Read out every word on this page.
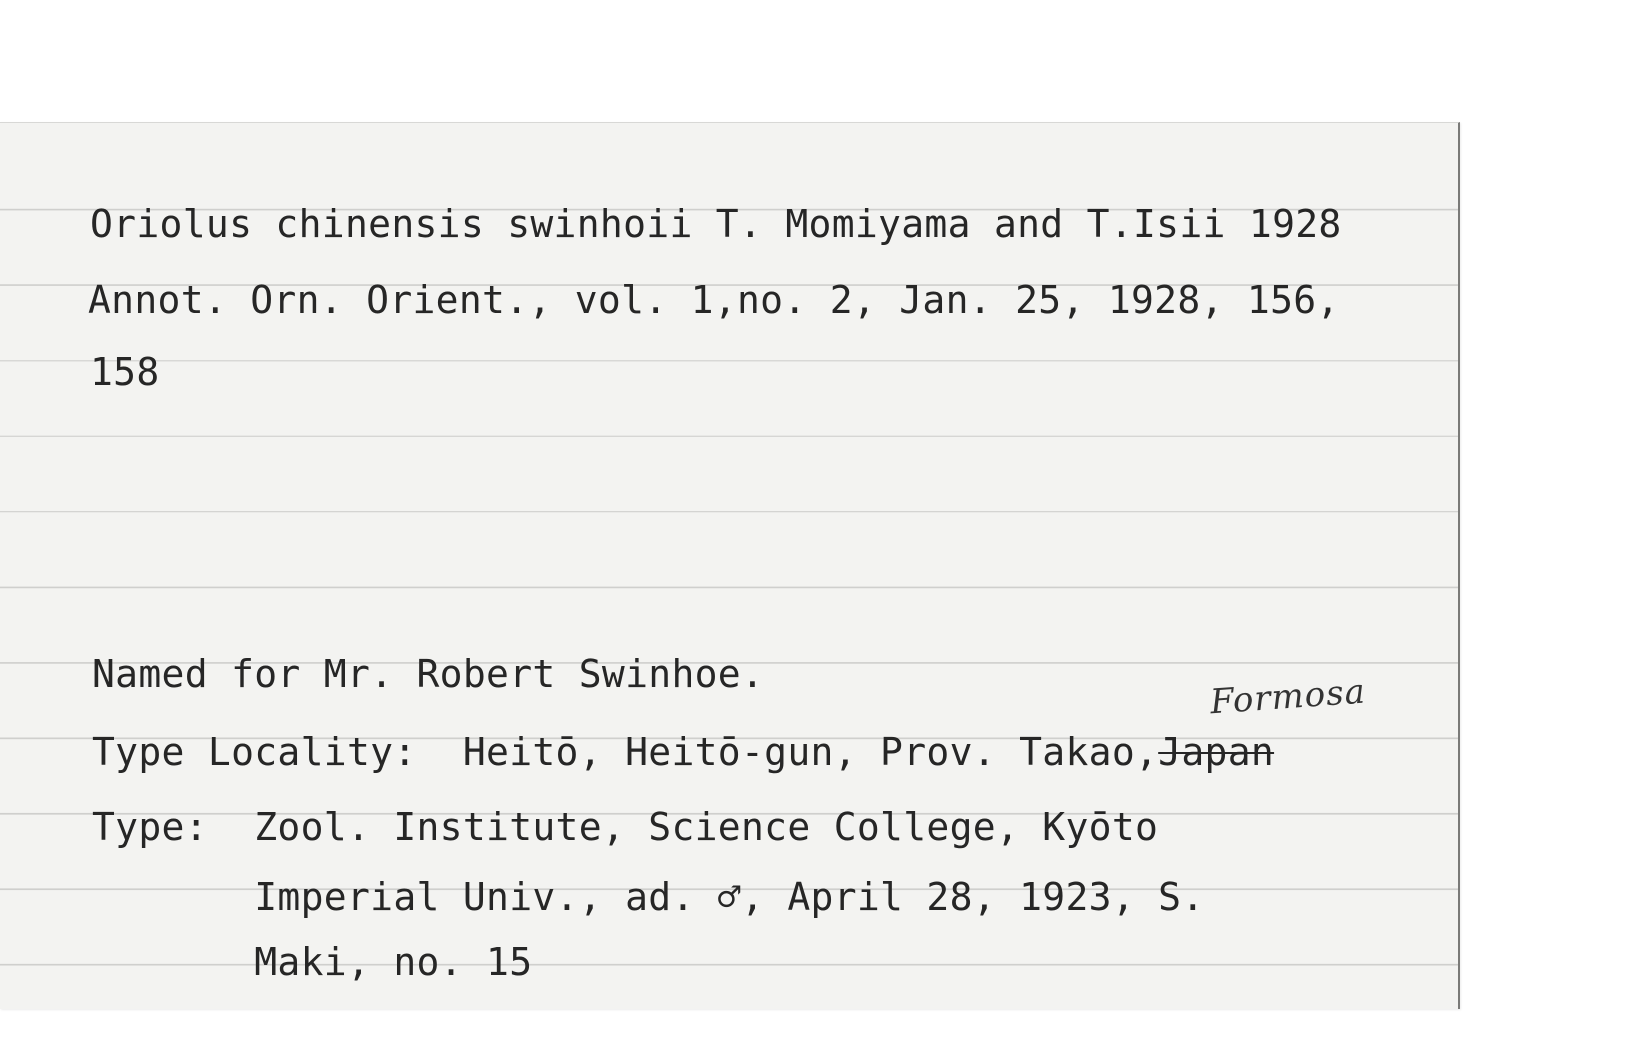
Oriolus chinensis swinhoii T. Momiyama and T.Isii 1928
Annot. Orn. Orient., vol. 1,no. 2, Jan. 25, 1928, 156,
158
Named for Mr. Robert Swinhoe.	Formosa
Type Locality:  Heitō, Heitō-gun, Prov. Takao,Japan
Type:  Zool. Institute, Science College, Kyōto
Imperial Univ., ad. ♂, April 28, 1923, S.
Maki, no. 15
